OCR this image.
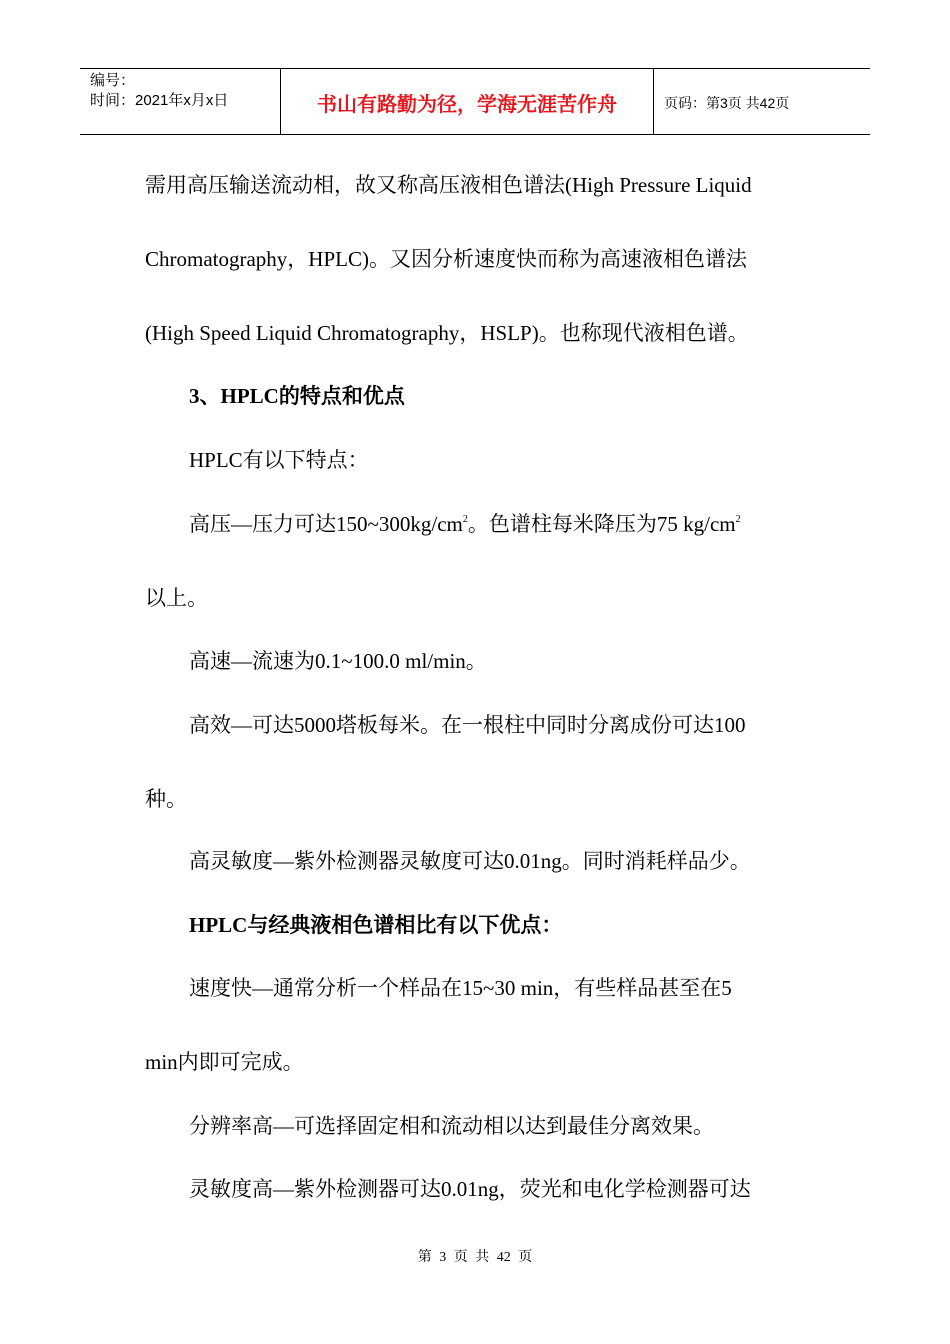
编号：
时间：2021年x月x日	书山有路勤为径，学海无涯苦作舟	页码：第3页 共42页
需用高压输送流动相，故又称高压液相色谱法(High Pressure Liquid
Chromatography，HPLC)。又因分析速度快而称为高速液相色谱法
(High Speed Liquid Chromatography，HSLP)。也称现代液相色谱。
3、HPLC的特点和优点
HPLC有以下特点：
高压—压力可达$150\sim 300kg/cm^2$。色谱柱每米降压为75 $kg/cm^2$
以上。
高速—流速为0.1~100.0 ml/min。
高效—可达5000塔板每米。在一根柱中同时分离成份可达100
种。
高灵敏度—紫外检测器灵敏度可达0.01ng。同时消耗样品少。
HPLC与经典液相色谱相比有以下优点：
速度快—通常分析一个样品在15~30 min，有些样品甚至在5
min内即可完成。
分辨率高—可选择固定相和流动相以达到最佳分离效果。
灵敏度高—紫外检测器可达0.01ng，荧光和电化学检测器可达
第 3 页 共 42 页
